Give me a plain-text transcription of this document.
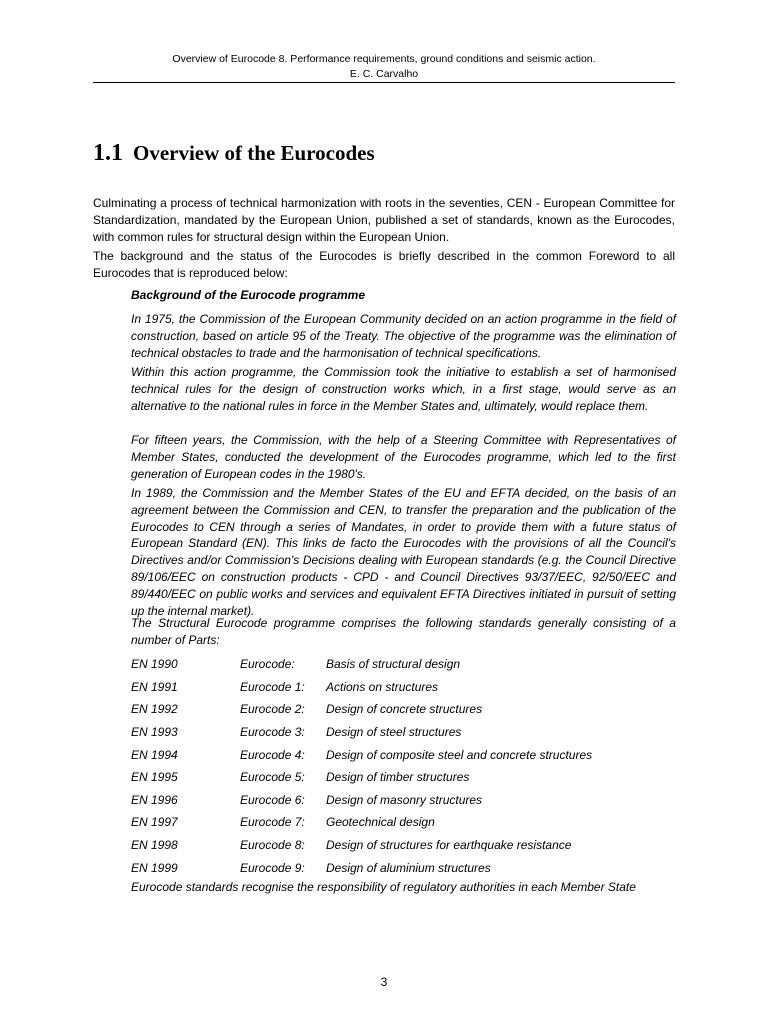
Overview of Eurocode 8. Performance requirements, ground conditions and seismic action.
E. C. Carvalho
1.1 Overview of the Eurocodes

Culminating a process of technical harmonization with roots in the seventies, CEN - European Committee for Standardization, mandated by the European Union, published a set of standards, known as the Eurocodes, with common rules for structural design within the European Union.

The background and the status of the Eurocodes is briefly described in the common Foreword to all Eurocodes that is reproduced below:

Background of the Eurocode programme

In 1975, the Commission of the European Community decided on an action programme in the field of construction, based on article 95 of the Treaty. The objective of the programme was the elimination of technical obstacles to trade and the harmonisation of technical specifications.

Within this action programme, the Commission took the initiative to establish a set of harmonised technical rules for the design of construction works which, in a first stage, would serve as an alternative to the national rules in force in the Member States and, ultimately, would replace them.

For fifteen years, the Commission, with the help of a Steering Committee with Representatives of Member States, conducted the development of the Eurocodes programme, which led to the first generation of European codes in the 1980's.

In 1989, the Commission and the Member States of the EU and EFTA decided, on the basis of an agreement between the Commission and CEN, to transfer the preparation and the publication of the Eurocodes to CEN through a series of Mandates, in order to provide them with a future status of European Standard (EN). This links de facto the Eurocodes with the provisions of all the Council's Directives and/or Commission's Decisions dealing with European standards (e.g. the Council Directive 89/106/EEC on construction products - CPD - and Council Directives 93/37/EEC, 92/50/EEC and 89/440/EEC on public works and services and equivalent EFTA Directives initiated in pursuit of setting up the internal market).

The Structural Eurocode programme comprises the following standards generally consisting of a number of Parts:

EN 1990	Eurocode:	Basis of structural design
EN 1991	Eurocode 1:	Actions on structures
EN 1992	Eurocode 2:	Design of concrete structures
EN 1993	Eurocode 3:	Design of steel structures
EN 1994	Eurocode 4:	Design of composite steel and concrete structures
EN 1995	Eurocode 5:	Design of timber structures
EN 1996	Eurocode 6:	Design of masonry structures
EN 1997	Eurocode 7:	Geotechnical design
EN 1998	Eurocode 8:	Design of structures for earthquake resistance
EN 1999	Eurocode 9:	Design of aluminium structures

Eurocode standards recognise the responsibility of regulatory authorities in each Member State

3
